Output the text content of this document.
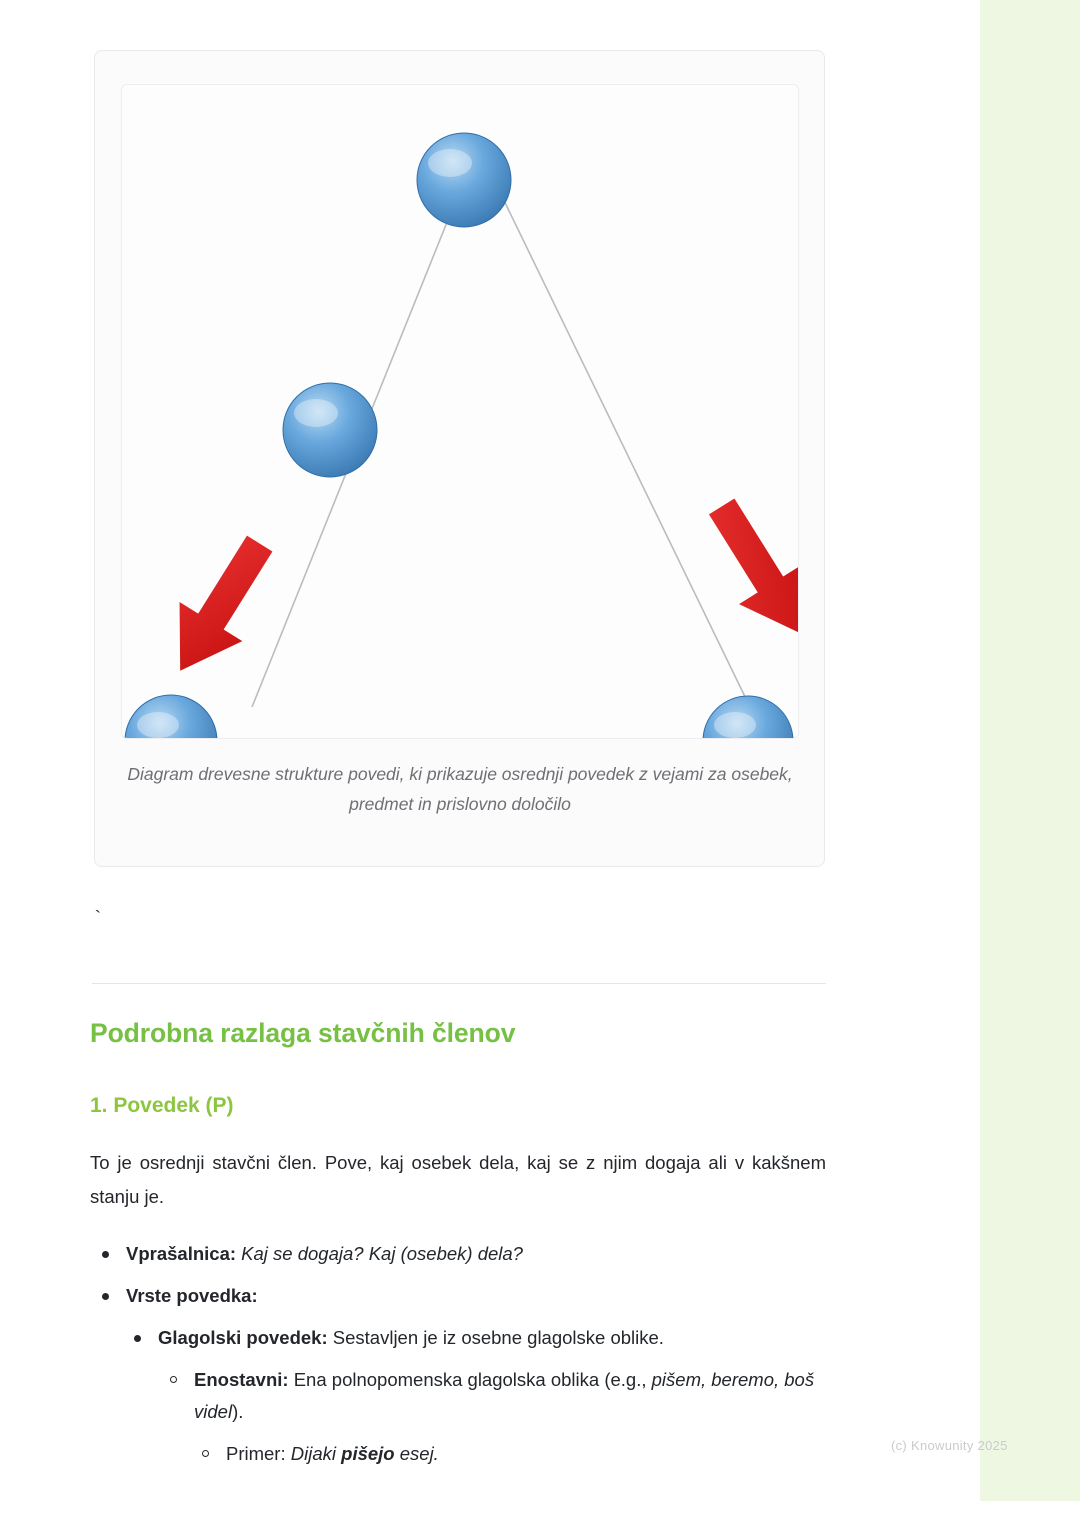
Diagram drevesne strukture povedi, ki prikazuje osrednji povedek z vejami za osebek, predmet in prislovno določilo
`
Podrobna razlaga stavčnih členov
1. Povedek (P)
To je osrednji stavčni člen. Pove, kaj osebek dela, kaj se z njim dogaja ali v kakšnem stanju je.
Vprašalnica: Kaj se dogaja? Kaj (osebek) dela?
Vrste povedka:
Glagolski povedek: Sestavljen je iz osebne glagolske oblike.
Enostavni: Ena polnopomenska glagolska oblika (e.g., pišem, beremo, boš videl).
Primer: Dijaki pišejo esej.	(c) Knowunity 2025
